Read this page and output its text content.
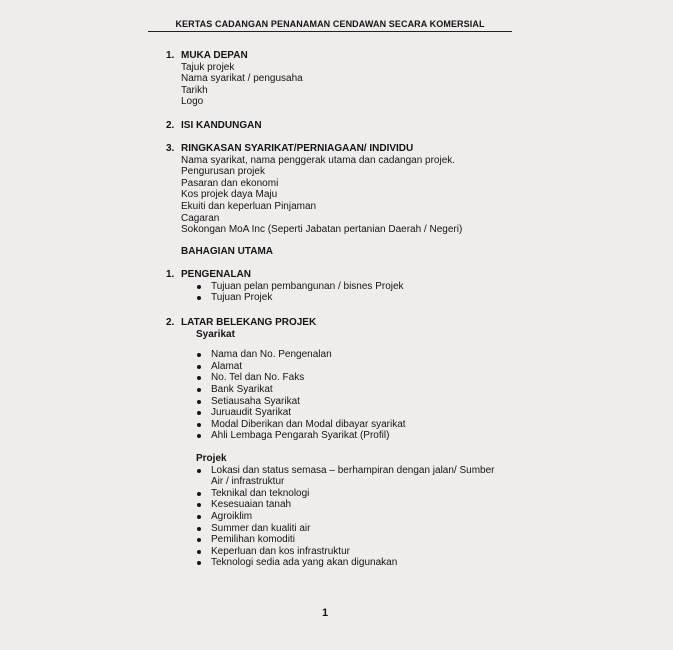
KERTAS CADANGAN PENANAMAN CENDAWAN SECARA KOMERSIAL
1. MUKA DEPAN
Tajuk projek
Nama syarikat / pengusaha
Tarikh
Logo
2. ISI KANDUNGAN
3. RINGKASAN SYARIKAT/PERNIAGAAN/ INDIVIDU
Nama syarikat, nama penggerak utama dan cadangan projek.
Pengurusan projek
Pasaran dan ekonomi
Kos projek daya Maju
Ekuiti dan keperluan Pinjaman
Cagaran
Sokongan MoA Inc (Seperti Jabatan pertanian Daerah / Negeri)
BAHAGIAN UTAMA
1. PENGENALAN
Tujuan pelan pembangunan / bisnes Projek
Tujuan Projek
2. LATAR BELEKANG PROJEK
Syarikat
Nama dan No. Pengenalan
Alamat
No. Tel dan No. Faks
Bank Syarikat
Setiausaha Syarikat
Juruaudit Syarikat
Modal Diberikan dan Modal dibayar syarikat
Ahli Lembaga Pengarah Syarikat (Profil)
Projek
Lokasi dan status semasa – berhampiran dengan jalan/ Sumber
Air / infrastruktur
Teknikal dan teknologi
Kesesuaian tanah
Agroiklim
Summer dan kualiti air
Pemilihan komoditi
Keperluan dan kos infrastruktur
Teknologi sedia ada yang akan digunakan
1
